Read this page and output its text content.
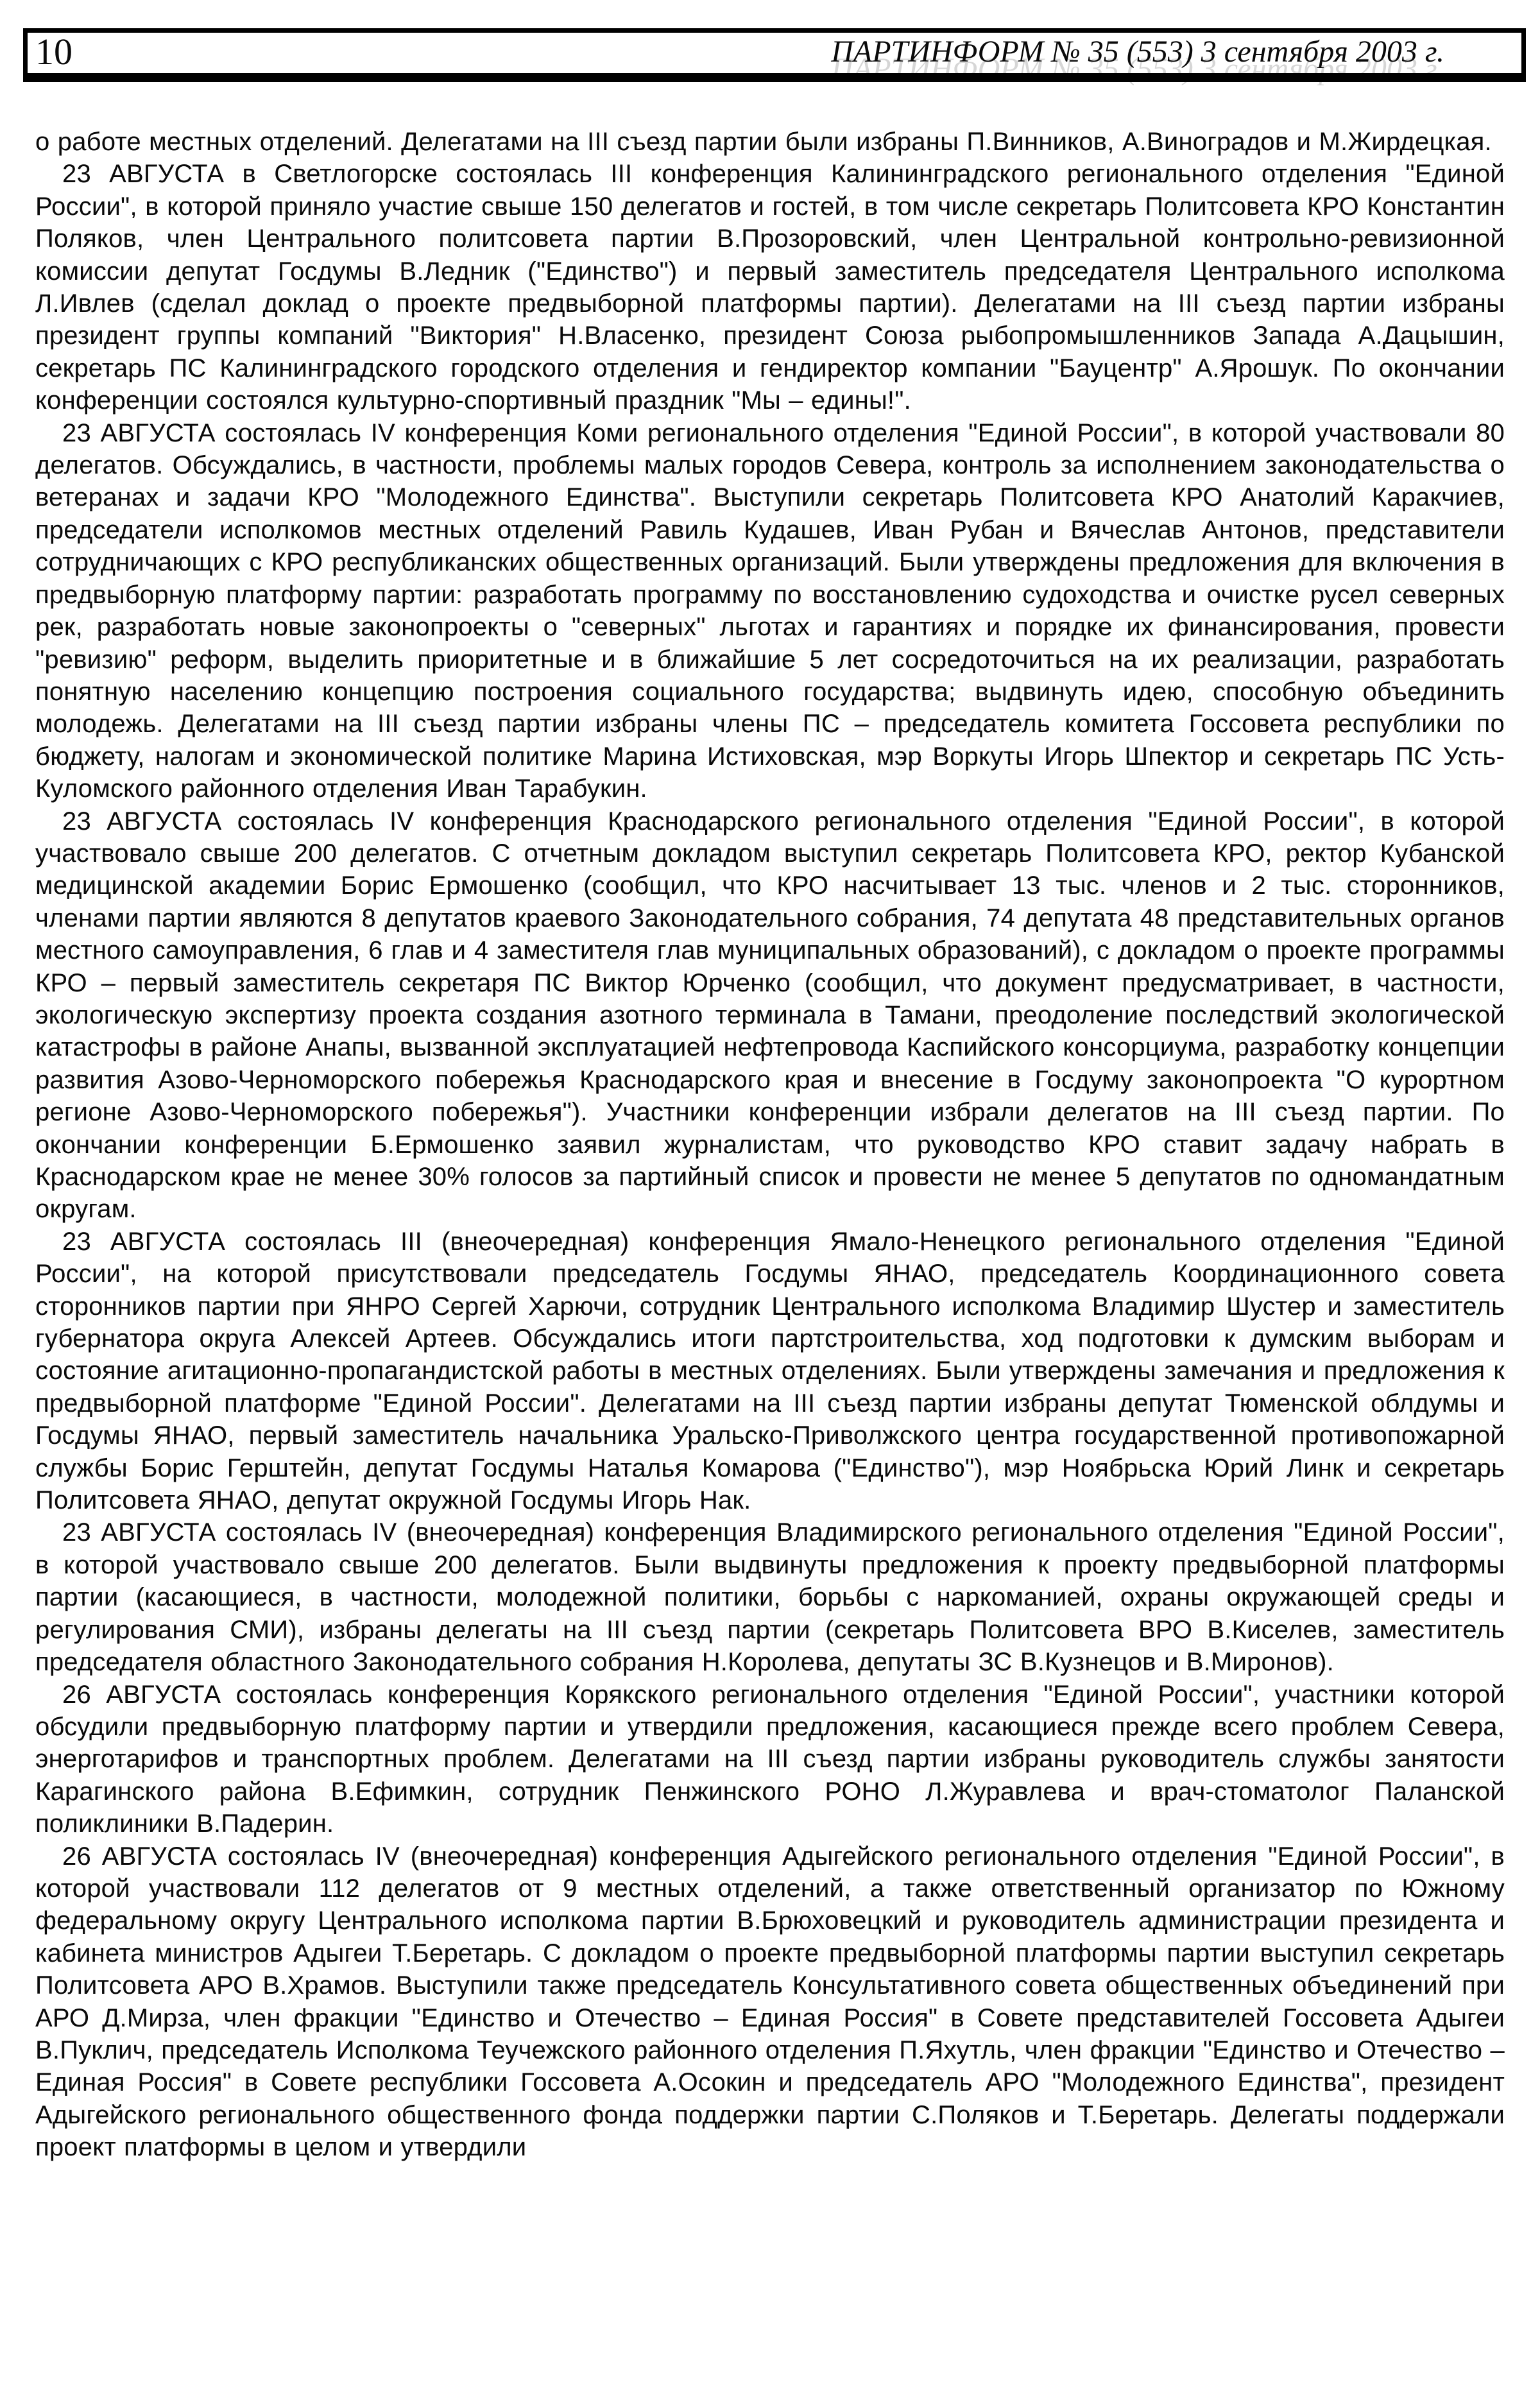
10	ПАРТИНФОРМ № 35 (553) 3 сентября 2003 г.

о работе местных отделений. Делегатами на III съезд партии были избраны П.Винников, А.Виноградов и М.Жирдецкая.

23 АВГУСТА в Светлогорске состоялась III конференция Калининградского регионального отделения "Единой России", в которой приняло участие свыше 150 делегатов и гостей, в том числе секретарь Политсовета КРО Константин Поляков, член Центрального политсовета партии В.Прозоровский, член Центральной контрольно-ревизионной комиссии депутат Госдумы В.Ледник ("Единство") и первый заместитель председателя Центрального исполкома Л.Ивлев (сделал доклад о проекте предвыборной платформы партии). Делегатами на III съезд партии избраны президент группы компаний "Виктория" Н.Власенко, президент Союза рыбопромышленников Запада А.Дацышин, секретарь ПС Калининградского городского отделения и гендиректор компании "Бауцентр" А.Ярошук. По окончании конференции состоялся культурно-спортивный праздник "Мы – едины!".

23 АВГУСТА состоялась IV конференция Коми регионального отделения "Единой России", в которой участвовали 80 делегатов. Обсуждались, в частности, проблемы малых городов Севера, контроль за исполнением законодательства о ветеранах и задачи КРО "Молодежного Единства". Выступили секретарь Политсовета КРО Анатолий Каракчиев, председатели исполкомов местных отделений Равиль Кудашев, Иван Рубан и Вячеслав Антонов, представители сотрудничающих с КРО республиканских общественных организаций. Были утверждены предложения для включения в предвыборную платформу партии: разработать программу по восстановлению судоходства и очистке русел северных рек, разработать новые законопроекты о "северных" льготах и гарантиях и порядке их финансирования, провести "ревизию" реформ, выделить приоритетные и в ближайшие 5 лет сосредоточиться на их реализации, разработать понятную населению концепцию построения социального государства; выдвинуть идею, способную объединить молодежь. Делегатами на III съезд партии избраны члены ПС – председатель комитета Госсовета республики по бюджету, налогам и экономической политике Марина Истиховская, мэр Воркуты Игорь Шпектор и секретарь ПС Усть-Куломского районного отделения Иван Тарабукин.

23 АВГУСТА состоялась IV конференция Краснодарского регионального отделения "Единой России", в которой участвовало свыше 200 делегатов. С отчетным докладом выступил секретарь Политсовета КРО, ректор Кубанской медицинской академии Борис Ермошенко (сообщил, что КРО насчитывает 13 тыс. членов и 2 тыс. сторонников, членами партии являются 8 депутатов краевого Законодательного собрания, 74 депутата 48 представительных органов местного самоуправления, 6 глав и 4 заместителя глав муниципальных образований), с докладом о проекте программы КРО – первый заместитель секретаря ПС Виктор Юрченко (сообщил, что документ предусматривает, в частности, экологическую экспертизу проекта создания азотного терминала в Тамани, преодоление последствий экологической катастрофы в районе Анапы, вызванной эксплуатацией нефтепровода Каспийского консорциума, разработку концепции развития Азово-Черноморского побережья Краснодарского края и внесение в Госдуму законопроекта "О курортном регионе Азово-Черноморского побережья"). Участники конференции избрали делегатов на III съезд партии. По окончании конференции Б.Ермошенко заявил журналистам, что руководство КРО ставит задачу набрать в Краснодарском крае не менее 30% голосов за партийный список и провести не менее 5 депутатов по одномандатным округам.

23 АВГУСТА состоялась III (внеочередная) конференция Ямало-Ненецкого регионального отделения "Единой России", на которой присутствовали председатель Госдумы ЯНАО, председатель Координационного совета сторонников партии при ЯНРО Сергей Харючи, сотрудник Центрального исполкома Владимир Шустер и заместитель губернатора округа Алексей Артеев. Обсуждались итоги партстроительства, ход подготовки к думским выборам и состояние агитационно-пропагандистской работы в местных отделениях. Были утверждены замечания и предложения к предвыборной платформе "Единой России". Делегатами на III съезд партии избраны депутат Тюменской облдумы и Госдумы ЯНАО, первый заместитель начальника Уральско-Приволжского центра государственной противопожарной службы Борис Герштейн, депутат Госдумы Наталья Комарова ("Единство"), мэр Ноябрьска Юрий Линк и секретарь Политсовета ЯНАО, депутат окружной Госдумы Игорь Нак.

23 АВГУСТА состоялась IV (внеочередная) конференция Владимирского регионального отделения "Единой России", в которой участвовало свыше 200 делегатов. Были выдвинуты предложения к проекту предвыборной платформы партии (касающиеся, в частности, молодежной политики, борьбы с наркоманией, охраны окружающей среды и регулирования СМИ), избраны делегаты на III съезд партии (секретарь Политсовета ВРО В.Киселев, заместитель председателя областного Законодательного собрания Н.Королева, депутаты ЗС В.Кузнецов и В.Миронов).

26 АВГУСТА состоялась конференция Корякского регионального отделения "Единой России", участники которой обсудили предвыборную платформу партии и утвердили предложения, касающиеся прежде всего проблем Севера, энерготарифов и транспортных проблем. Делегатами на III съезд партии избраны руководитель службы занятости Карагинского района В.Ефимкин, сотрудник Пенжинского РОНО Л.Журавлева и врач-стоматолог Паланской поликлиники В.Падерин.

26 АВГУСТА состоялась IV (внеочередная) конференция Адыгейского регионального отделения "Единой России", в которой участвовали 112 делегатов от 9 местных отделений, а также ответственный организатор по Южному федеральному округу Центрального исполкома партии В.Брюховецкий и руководитель администрации президента и кабинета министров Адыгеи Т.Беретарь. С докладом о проекте предвыборной платформы партии выступил секретарь Политсовета АРО В.Храмов. Выступили также председатель Консультативного совета общественных объединений при АРО Д.Мирза, член фракции "Единство и Отечество – Единая Россия" в Совете представителей Госсовета Адыгеи В.Пуклич, председатель Исполкома Теучежского районного отделения П.Яхутль, член фракции "Единство и Отечество – Единая Россия" в Совете республики Госсовета А.Осокин и председатель АРО "Молодежного Единства", президент Адыгейского регионального общественного фонда поддержки партии С.Поляков и Т.Беретарь. Делегаты поддержали проект платформы в целом и утвердили
